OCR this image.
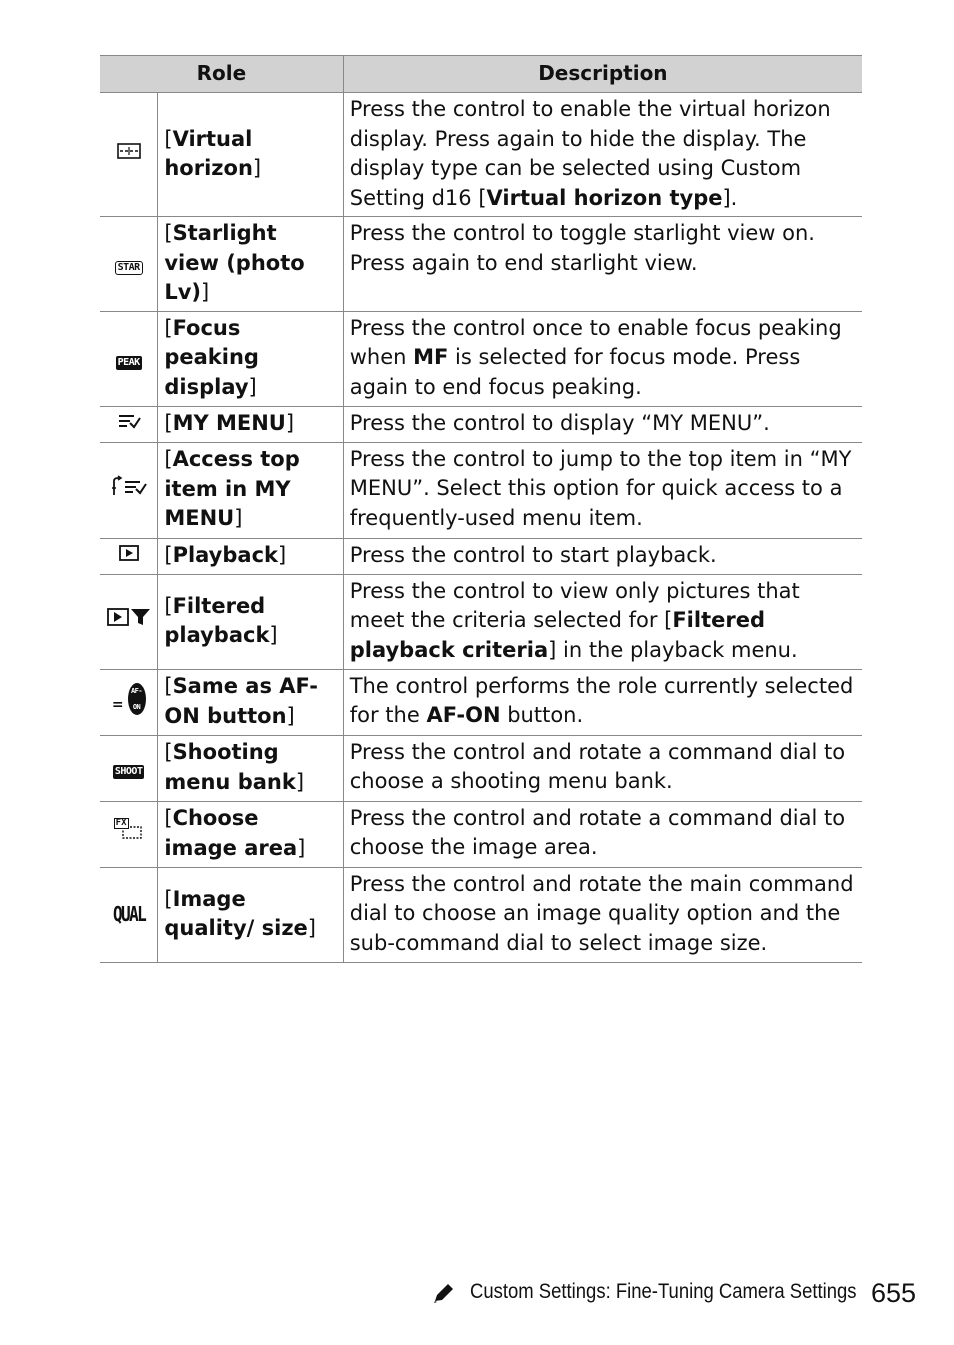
Role		Description
	[Virtual horizon]	Press the control to enable the virtual horizon display. Press again to hide the display. The display type can be selected using Custom Setting d16 [Virtual horizon type].
STAR	[Starlight view (photo Lv)]	Press the control to toggle starlight view on. Press again to end starlight view.
PEAK	[Focus peaking display]	Press the control once to enable focus peaking when MF is selected for focus mode. Press again to end focus peaking.
	[MY MENU]	Press the control to display “MY MENU”.
	[Access top item in MY MENU]	Press the control to jump to the top item in “MY MENU”. Select this option for quick access to a frequently-used menu item.
	[Playback]	Press the control to start playback.
	[Filtered playback]	Press the control to view only pictures that meet the criteria selected for [Filtered playback criteria] in the playback menu.
=AF-ON	[Same as AF-ON button]	The control performs the role currently selected for the AF-ON button.
SHOOT	[Shooting menu bank]	Press the control and rotate a command dial to choose a shooting menu bank.

FX	[Choose image area]	Press the control and rotate a command dial to choose the image area.
QUAL	[Image quality/ size]	Press the control and rotate the main command dial to choose an image quality option and the sub-command dial to select image size.
Custom Settings: Fine-Tuning Camera Settings 655
